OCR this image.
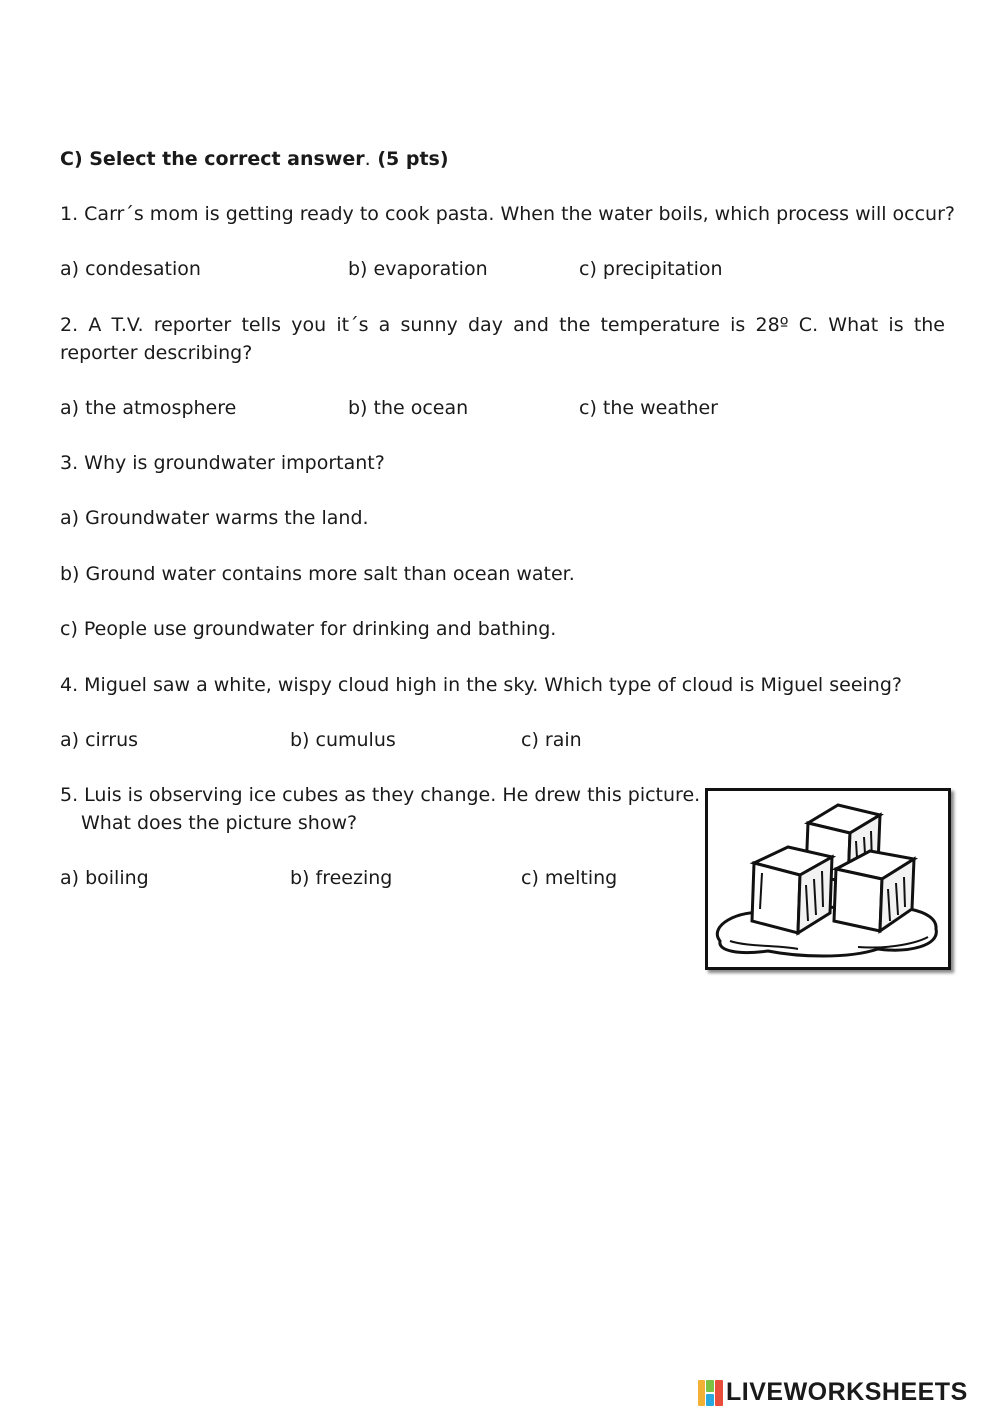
C) Select the correct answer. (5 pts)
1. Carr´s mom is getting ready to cook pasta. When the water boils, which process will occur?
a) condesation	b) evaporation	c) precipitation
2. A T.V. reporter tells you it´s a sunny day and the temperature is 28º C. What is the reporter describing?
a) the atmosphere	b) the ocean	c) the weather
3. Why is groundwater important?
a) Groundwater warms the land.
b) Ground water contains more salt than ocean water.
c) People use groundwater for drinking and bathing.
4. Miguel saw a white, wispy cloud high in the sky. Which type of cloud is Miguel seeing?
a) cirrus	b) cumulus	c) rain
5. Luis is observing ice cubes as they change. He drew this picture.
What does the picture show?
a) boiling	b) freezing	c) melting
LIVEWORKSHEETS
